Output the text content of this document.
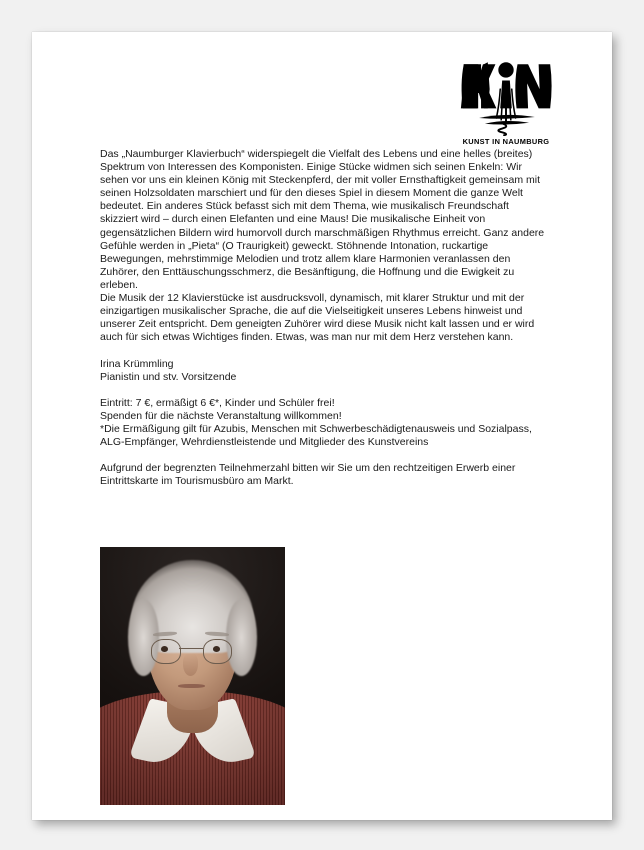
KUNST IN NAUMBURG

Das „Naumburger Klavierbuch“ widerspiegelt die Vielfalt des Lebens und eine helles (breites) Spektrum von Interessen des Komponisten. Einige Stücke widmen sich seinen Enkeln: Wir sehen vor uns ein kleinen König mit Steckenpferd, der mit voller Ernsthaftigkeit gemeinsam mit seinen Holzsoldaten marschiert und für den dieses Spiel in diesem Moment die ganze Welt bedeutet. Ein anderes Stück befasst sich mit dem Thema, wie musikalisch Freundschaft skizziert wird – durch einen Elefanten und eine Maus! Die musikalische Einheit von gegensätzlichen Bildern wird humorvoll durch marschmäßigen Rhythmus erreicht. Ganz andere Gefühle werden in „Pieta“ (O Traurigkeit) geweckt. Stöhnende Intonation, ruckartige Bewegungen, mehrstimmige Melodien und trotz allem klare Harmonien veranlassen den Zuhörer, den Enttäuschungsschmerz, die Besänftigung, die Hoffnung und die Ewigkeit zu erleben.

Die Musik der 12 Klavierstücke ist ausdrucksvoll, dynamisch, mit klarer Struktur und mit der einzigartigen musikalischer Sprache, die auf die Vielseitigkeit unseres Lebens hinweist und unserer Zeit entspricht. Dem geneigten Zuhörer wird diese Musik nicht kalt lassen und er wird auch für sich etwas Wichtiges finden. Etwas, was man nur mit dem Herz verstehen kann.

Irina Krümmling
Pianistin und stv. Vorsitzende
Eintritt: 7 €, ermäßigt 6 €*, Kinder und Schüler frei!
Spenden für die nächste Veranstaltung willkommen!
*Die Ermäßigung gilt für Azubis, Menschen mit Schwerbeschädigtenausweis und Sozialpass, ALG-Empfänger, Wehrdienstleistende und Mitglieder des Kunstvereins
Aufgrund der begrenzten Teilnehmerzahl bitten wir Sie um den rechtzeitigen Erwerb einer Eintrittskarte im Tourismusbüro am Markt.
